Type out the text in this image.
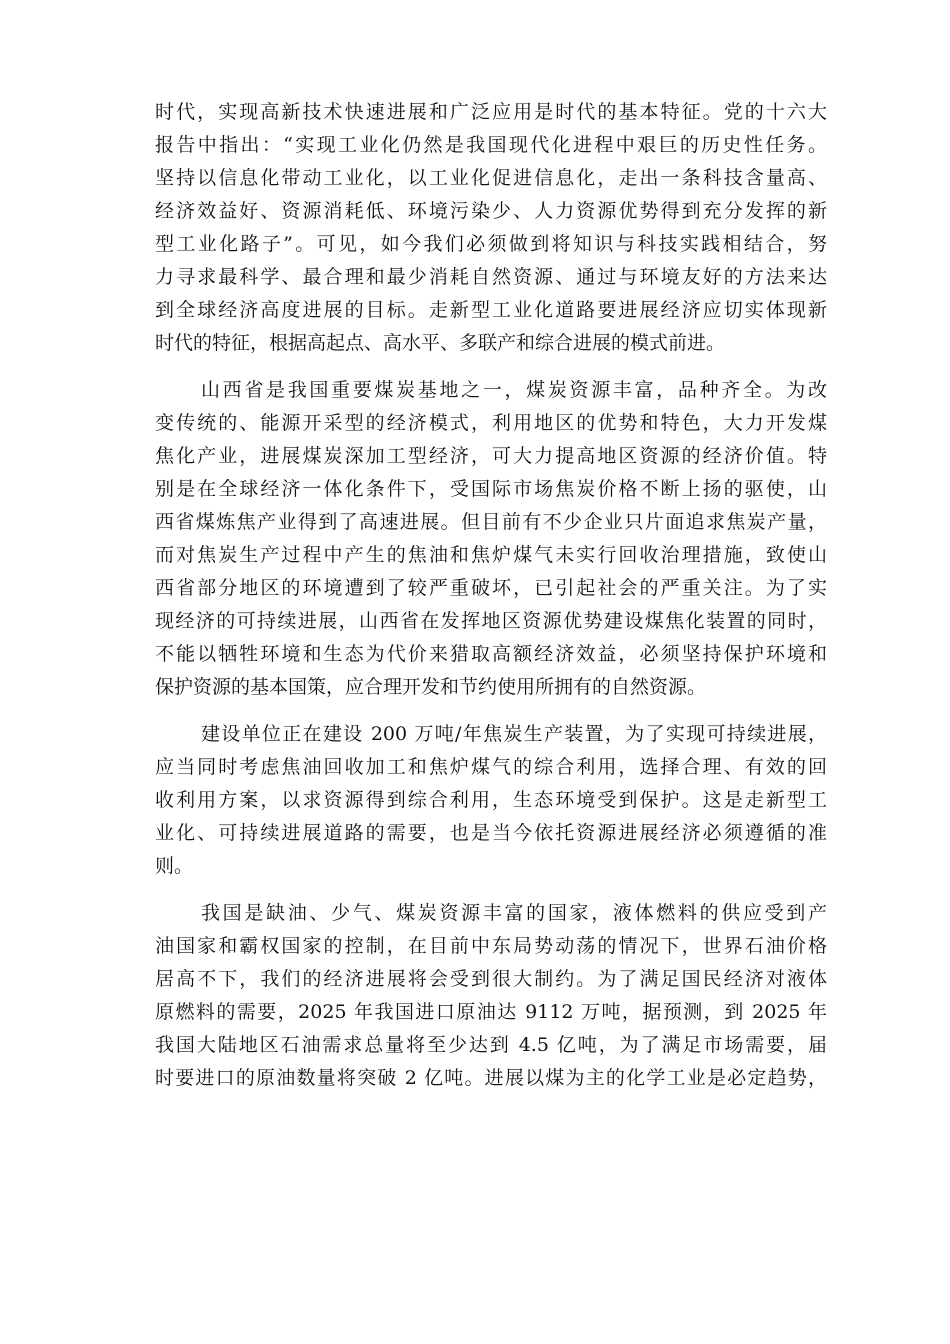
时代，实现高新技术快速进展和广泛应用是时代的基本特征。党的十六大
报告中指出：“实现工业化仍然是我国现代化进程中艰巨的历史性任务。
坚持以信息化带动工业化，以工业化促进信息化，走出一条科技含量高、
经济效益好、资源消耗低、环境污染少、人力资源优势得到充分发挥的新
型工业化路子”。可见，如今我们必须做到将知识与科技实践相结合，努
力寻求最科学、最合理和最少消耗自然资源、通过与环境友好的方法来达
到全球经济高度进展的目标。走新型工业化道路要进展经济应切实体现新
时代的特征，根据高起点、高水平、多联产和综合进展的模式前进。
山西省是我国重要煤炭基地之一，煤炭资源丰富，品种齐全。为改
变传统的、能源开采型的经济模式，利用地区的优势和特色，大力开发煤
焦化产业，进展煤炭深加工型经济，可大力提高地区资源的经济价值。特
别是在全球经济一体化条件下，受国际市场焦炭价格不断上扬的驱使，山
西省煤炼焦产业得到了高速进展。但目前有不少企业只片面追求焦炭产量，
而对焦炭生产过程中产生的焦油和焦炉煤气未实行回收治理措施，致使山
西省部分地区的环境遭到了较严重破坏，已引起社会的严重关注。为了实
现经济的可持续进展，山西省在发挥地区资源优势建设煤焦化装置的同时，
不能以牺牲环境和生态为代价来猎取高额经济效益，必须坚持保护环境和
保护资源的基本国策，应合理开发和节约使用所拥有的自然资源。
建设单位正在建设 200 万吨/年焦炭生产装置，为了实现可持续进展，
应当同时考虑焦油回收加工和焦炉煤气的综合利用，选择合理、有效的回
收利用方案，以求资源得到综合利用，生态环境受到保护。这是走新型工
业化、可持续进展道路的需要，也是当今依托资源进展经济必须遵循的准
则。
我国是缺油、少气、煤炭资源丰富的国家，液体燃料的供应受到产
油国家和霸权国家的控制，在目前中东局势动荡的情况下，世界石油价格
居高不下，我们的经济进展将会受到很大制约。为了满足国民经济对液体
原燃料的需要，2025 年我国进口原油达 9112 万吨，据预测，到 2025 年
我国大陆地区石油需求总量将至少达到 4.5 亿吨，为了满足市场需要，届
时要进口的原油数量将突破 2 亿吨。进展以煤为主的化学工业是必定趋势，
